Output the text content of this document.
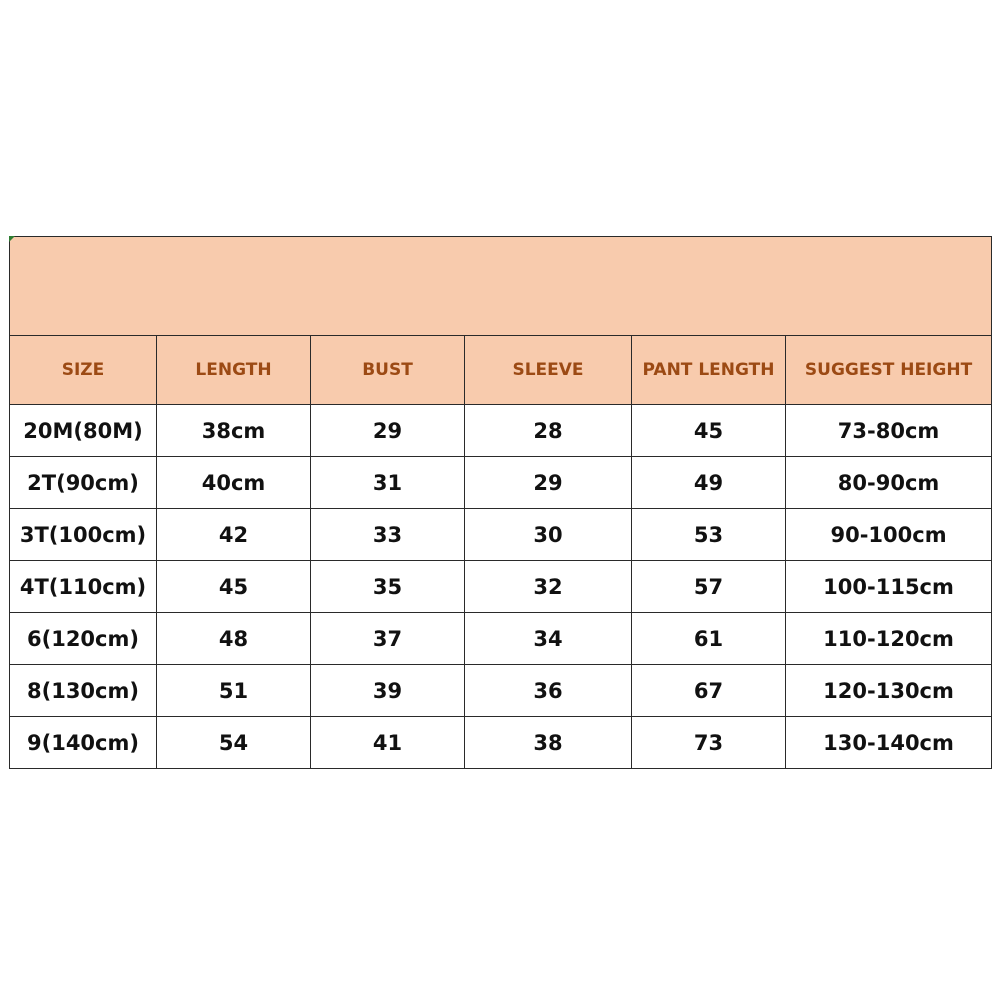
SIZE	LENGTH	BUST	SLEEVE	PANT LENGTH	SUGGEST HEIGHT
20M(80M)	38cm	29	28	45	73-80cm
2T(90cm)	40cm	31	29	49	80-90cm
3T(100cm)	42	33	30	53	90-100cm
4T(110cm)	45	35	32	57	100-115cm
6(120cm)	48	37	34	61	110-120cm
8(130cm)	51	39	36	67	120-130cm
9(140cm)	54	41	38	73	130-140cm
